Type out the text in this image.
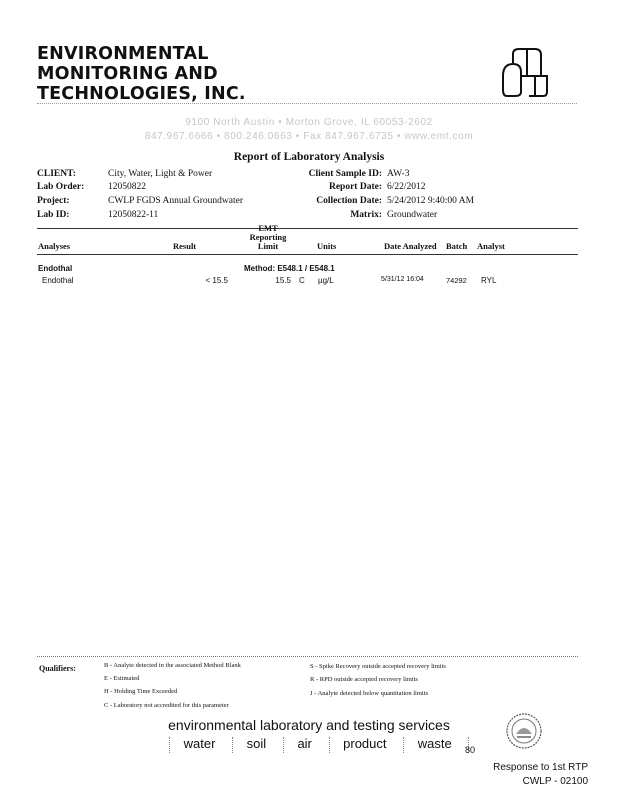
ENVIRONMENTAL
MONITORING AND
TECHNOLOGIES, INC.
9100 North Austin • Morton Grove, IL 60053-2602
847.967.6666 • 800.246.0663 • Fax 847.967.6735 • www.emt.com
Report of Laboratory Analysis
CLIENT:	City, Water, Light & Power
Lab Order:	12050822
Project:	CWLP FGDS Annual Groundwater
Lab ID:	12050822-11
Client Sample ID: AW-3
Report Date: 6/22/2012
Collection Date: 5/24/2012 9:40:00 AM
Matrix: Groundwater
Analyses	Result
EMT
Reporting
Limit	Units	Date Analyzed Batch Analyst
Endothal	Method: E548.1 / E548.1
Endothal	< 15.5	15.5 C µg/L	5/31/12 16:04	74292 RYL
Qualifiers:	B - Analyte detected in the associated Method Blank
E - Estimated
H - Holding Time Exceeded
C - Laboratory not accredited for this parameter
S - Spike Recovery outside accepted recovery limits
R - RPD outside accepted recovery limits
J - Analyte detected below quantitation limits
environmental laboratory and testing services
water soil air product waste	80
Response to 1st RTP
CWLP - 02100
